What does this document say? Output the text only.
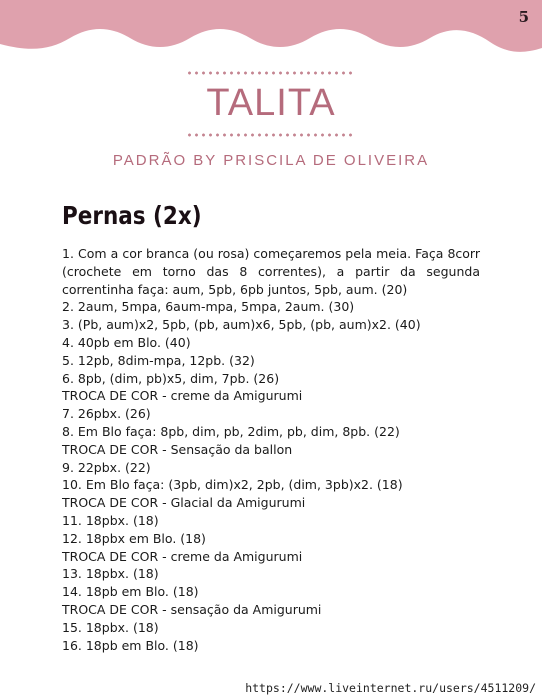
5
TALITA
PADRÃO BY PRISCILA DE OLIVEIRA
Pernas (2x)
1. Com a cor branca (ou rosa) começaremos pela meia. Faça 8corr (crochete em torno das 8 correntes), a partir da segunda correntinha faça: aum, 5pb, 6pb juntos, 5pb, aum. (20)
2. 2aum, 5mpa, 6aum-mpa, 5mpa, 2aum. (30)
3. (Pb, aum)x2, 5pb, (pb, aum)x6, 5pb, (pb, aum)x2. (40)
4. 40pb em Blo. (40)
5. 12pb, 8dim-mpa, 12pb. (32)
6. 8pb, (dim, pb)x5, dim, 7pb. (26)
TROCA DE COR - creme da Amigurumi
7. 26pbx. (26)
8. Em Blo faça: 8pb, dim, pb, 2dim, pb, dim, 8pb. (22)
TROCA DE COR - Sensação da ballon
9. 22pbx. (22)
10. Em Blo faça: (3pb, dim)x2, 2pb, (dim, 3pb)x2. (18)
TROCA DE COR - Glacial da Amigurumi
11. 18pbx. (18)
12. 18pbx em Blo. (18)
TROCA DE COR - creme da Amigurumi
13. 18pbx. (18)
14. 18pb em Blo. (18)
TROCA DE COR - sensação da Amigurumi
15. 18pbx. (18)
16. 18pb em Blo. (18)
https://www.liveinternet.ru/users/4511209/
